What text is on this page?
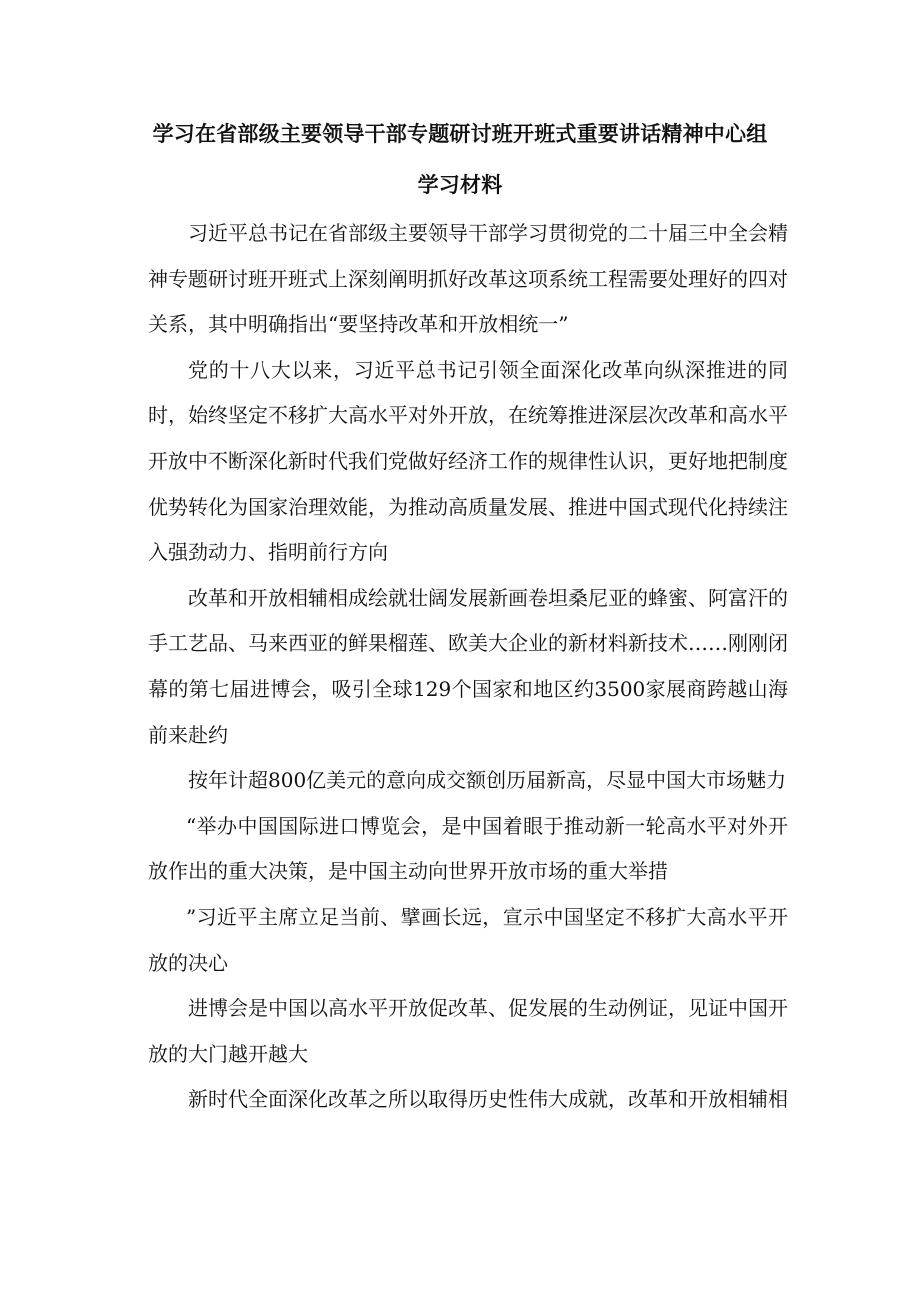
学习在省部级主要领导干部专题研讨班开班式重要讲话精神中心组
学习材料

习近平总书记在省部级主要领导干部学习贯彻党的二十届三中全会精神专题研讨班开班式上深刻阐明抓好改革这项系统工程需要处理好的四对关系，其中明确指出“要坚持改革和开放相统一”

党的十八大以来，习近平总书记引领全面深化改革向纵深推进的同时，始终坚定不移扩大高水平对外开放，在统筹推进深层次改革和高水平开放中不断深化新时代我们党做好经济工作的规律性认识，更好地把制度优势转化为国家治理效能，为推动高质量发展、推进中国式现代化持续注入强劲动力、指明前行方向

改革和开放相辅相成绘就壮阔发展新画卷坦桑尼亚的蜂蜜、阿富汗的手工艺品、马来西亚的鲜果榴莲、欧美大企业的新材料新技术……刚刚闭幕的第七届进博会，吸引全球129个国家和地区约3500家展商跨越山海前来赴约

按年计超800亿美元的意向成交额创历届新高，尽显中国大市场魅力

“举办中国国际进口博览会，是中国着眼于推动新一轮高水平对外开放作出的重大决策，是中国主动向世界开放市场的重大举措

”习近平主席立足当前、擘画长远，宣示中国坚定不移扩大高水平开放的决心

进博会是中国以高水平开放促改革、促发展的生动例证，见证中国开放的大门越开越大

新时代全面深化改革之所以取得历史性伟大成就，改革和开放相辅相
